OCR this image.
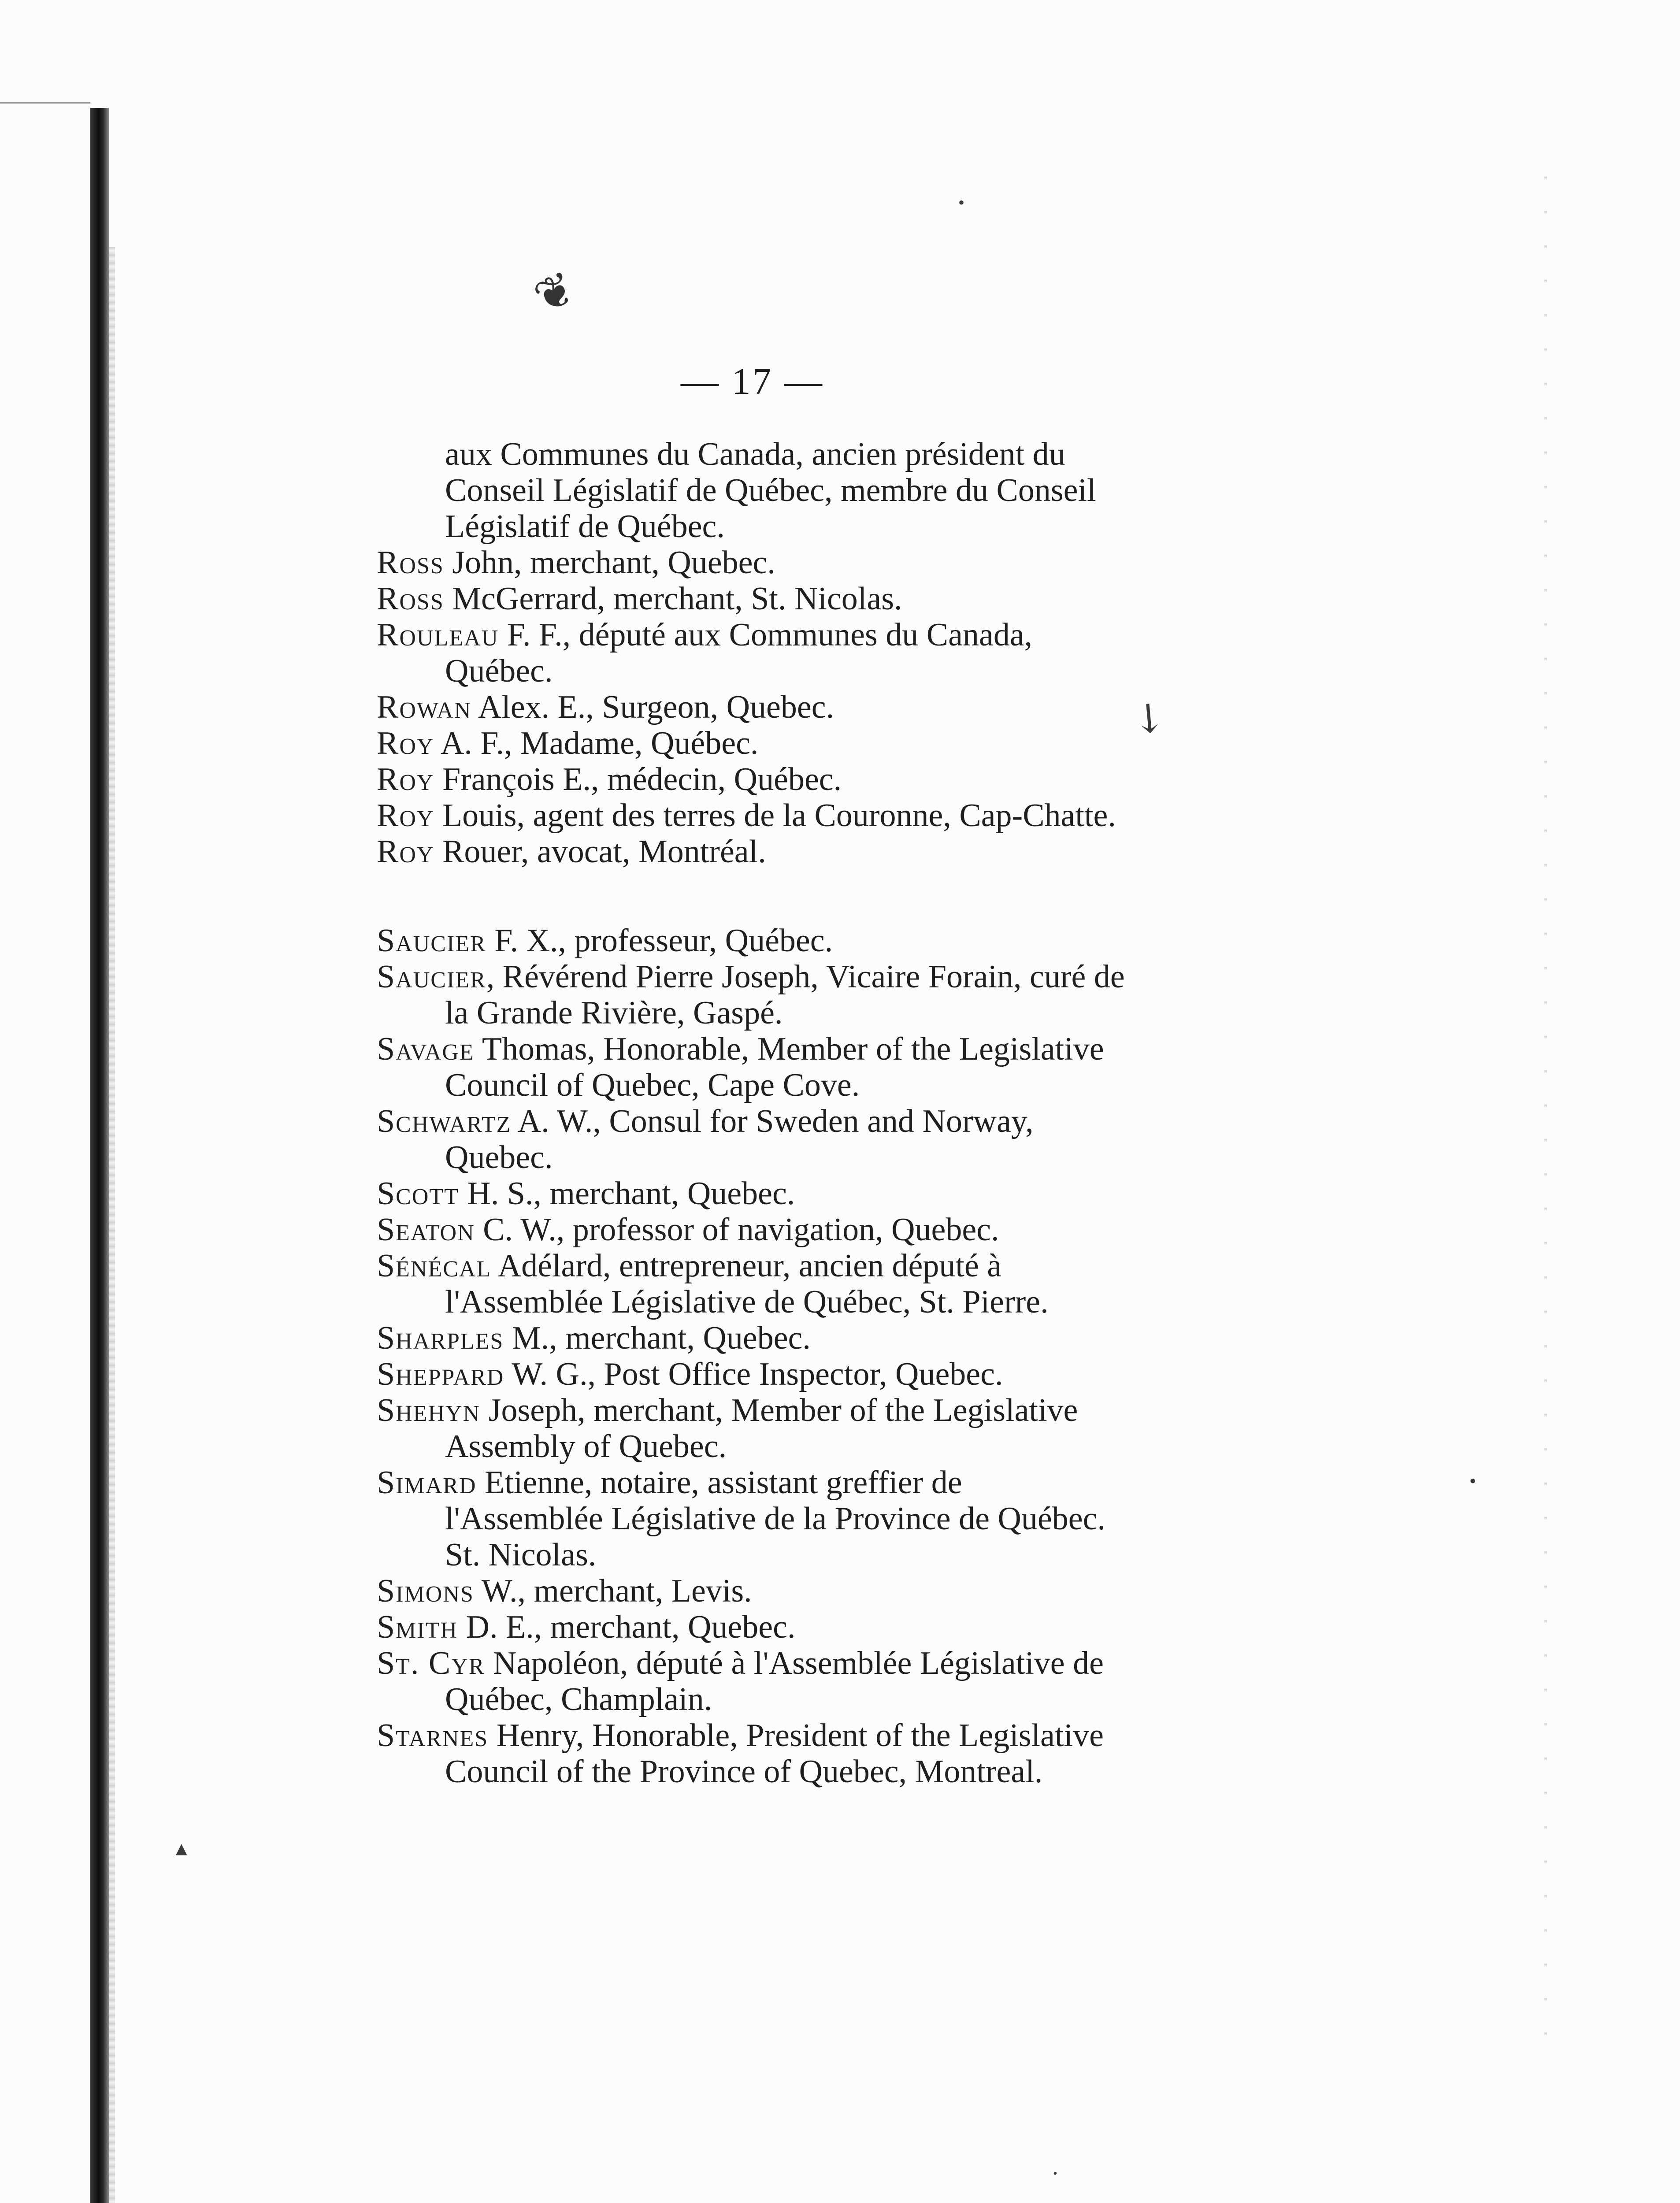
❦
•
↘
•
▲
•
— 17 —

aux Communes du Canada, ancien président du Conseil Législatif de Québec, membre du Conseil Législatif de Québec.

Ross John, merchant, Quebec.

Ross McGerrard, merchant, St. Nicolas.

Rouleau F. F., député aux Communes du Canada, Québec.

Rowan Alex. E., Surgeon, Quebec.

Roy A. F., Madame, Québec.

Roy François E., médecin, Québec.

Roy Louis, agent des terres de la Couronne, Cap-Chatte.

Roy Rouer, avocat, Montréal.

Saucier F. X., professeur, Québec.

Saucier, Révérend Pierre Joseph, Vicaire Forain, curé de la Grande Rivière, Gaspé.

Savage Thomas, Honorable, Member of the Legislative Council of Quebec, Cape Cove.

Schwartz A. W., Consul for Sweden and Norway, Quebec.

Scott H. S., merchant, Quebec.

Seaton C. W., professor of navigation, Quebec.

Sénécal Adélard, entrepreneur, ancien député à l'Assemblée Législative de Québec, St. Pierre.

Sharples M., merchant, Quebec.

Sheppard W. G., Post Office Inspector, Quebec.

Shehyn Joseph, merchant, Member of the Legislative Assembly of Quebec.

Simard Etienne, notaire, assistant greffier de l'Assemblée Législative de la Province de Québec. St. Nicolas.

Simons W., merchant, Levis.

Smith D. E., merchant, Quebec.

St. Cyr Napoléon, député à l'Assemblée Législative de Québec, Champlain.

Starnes Henry, Honorable, President of the Legislative Council of the Province of Quebec, Montreal.
